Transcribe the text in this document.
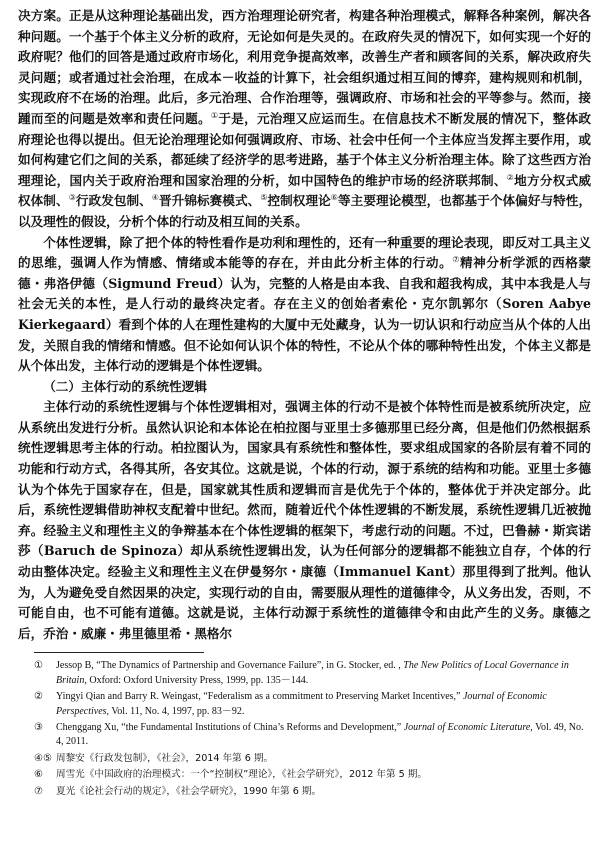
决方案。正是从这种理论基础出发，西方治理理论研究者，构建各种治理模式，解释各种案例，解决各种问题。一个基于个体主义分析的政府，无论如何是失灵的。在政府失灵的情况下，如何实现一个好的政府呢？他们的回答是通过政府市场化，利用竞争提高效率，改善生产者和顾客间的关系，解决政府失灵问题；或者通过社会治理，在成本－收益的计算下，社会组织通过相互间的博弈，建构规则和机制，实现政府不在场的治理。此后，多元治理、合作治理等，强调政府、市场和社会的平等参与。然而，接踵而至的问题是效率和责任问题。①于是，元治理又应运而生。在信息技术不断发展的情况下，整体政府理论也得以提出。但无论治理理论如何强调政府、市场、社会中任何一个主体应当发挥主要作用，或如何构建它们之间的关系，都延续了经济学的思考进路，基于个体主义分析治理主体。除了这些西方治理理论，国内关于政府治理和国家治理的分析，如中国特色的维护市场的经济联邦制、②地方分权式威权体制、③行政发包制、④晋升锦标赛模式、⑤控制权理论⑥等主要理论模型，也都基于个体偏好与特性，以及理性的假设，分析个体的行动及相互间的关系。

个体性逻辑，除了把个体的特性看作是功利和理性的，还有一种重要的理论表现，即反对工具主义的思维，强调人作为情感、情绪或本能等的存在，并由此分析主体的行动。⑦精神分析学派的西格蒙德・弗洛伊德（Sigmund Freud）认为，完整的人格是由本我、自我和超我构成，其中本我是人与社会无关的本性，是人行动的最终决定者。存在主义的创始者索伦・克尔凯郭尔（Soren Aabye Kierkegaard）看到个体的人在理性建构的大厦中无处藏身，认为一切认识和行动应当从个体的人出发，关照自我的情绪和情感。但不论如何认识个体的特性，不论从个体的哪种特性出发，个体主义都是从个体出发，主体行动的逻辑是个体性逻辑。

（二）主体行动的系统性逻辑

主体行动的系统性逻辑与个体性逻辑相对，强调主体的行动不是被个体特性而是被系统所决定，应从系统出发进行分析。虽然认识论和本体论在柏拉图与亚里士多德那里已经分离，但是他们仍然根据系统性逻辑思考主体的行动。柏拉图认为，国家具有系统性和整体性，要求组成国家的各阶层有着不同的功能和行动方式，各得其所，各安其位。这就是说，个体的行动，源于系统的结构和功能。亚里士多德认为个体先于国家存在，但是，国家就其性质和逻辑而言是优先于个体的，整体优于并决定部分。此后，系统性逻辑借助神权支配着中世纪。然而，随着近代个体性逻辑的不断发展，系统性逻辑几近被抛弃。经验主义和理性主义的争辩基本在个体性逻辑的框架下，考虑行动的问题。不过，巴鲁赫・斯宾诺莎（Baruch de Spinoza）却从系统性逻辑出发，认为任何部分的逻辑都不能独立自存，个体的行动由整体决定。经验主义和理性主义在伊曼努尔・康德（Immanuel Kant）那里得到了批判。他认为，人为避免受自然因果的决定，实现行动的自由，需要服从理性的道德律令，从义务出发，否则，不可能自由，也不可能有道德。这就是说，主体行动源于系统性的道德律令和由此产生的义务。康德之后，乔治・威廉・弗里德里希・黑格尔

①	Jessop B, “The Dynamics of Partnership and Governance Failure”, in G. Stocker, ed. , The New Politics of Local Governance in Britain, Oxford: Oxford University Press, 1999, pp. 135－144.
②	Yingyi Qian and Barry R. Weingast, “Federalism as a commitment to Preserving Market Incentives,” Journal of Economic Perspectives, Vol. 11, No. 4, 1997, pp. 83－92.
③	Chenggang Xu, “the Fundamental Institutions of China’s Reforms and Development,” Journal of Economic Literature, Vol. 49, No. 4, 2011.
④⑤ 周黎安《行政发包制》，《社会》，2014 年第 6 期。
⑥	周雪光《中国政府的治理模式：一个“控制权”理论》，《社会学研究》，2012 年第 5 期。
⑦	夏光《论社会行动的规定》，《社会学研究》，1990 年第 6 期。
